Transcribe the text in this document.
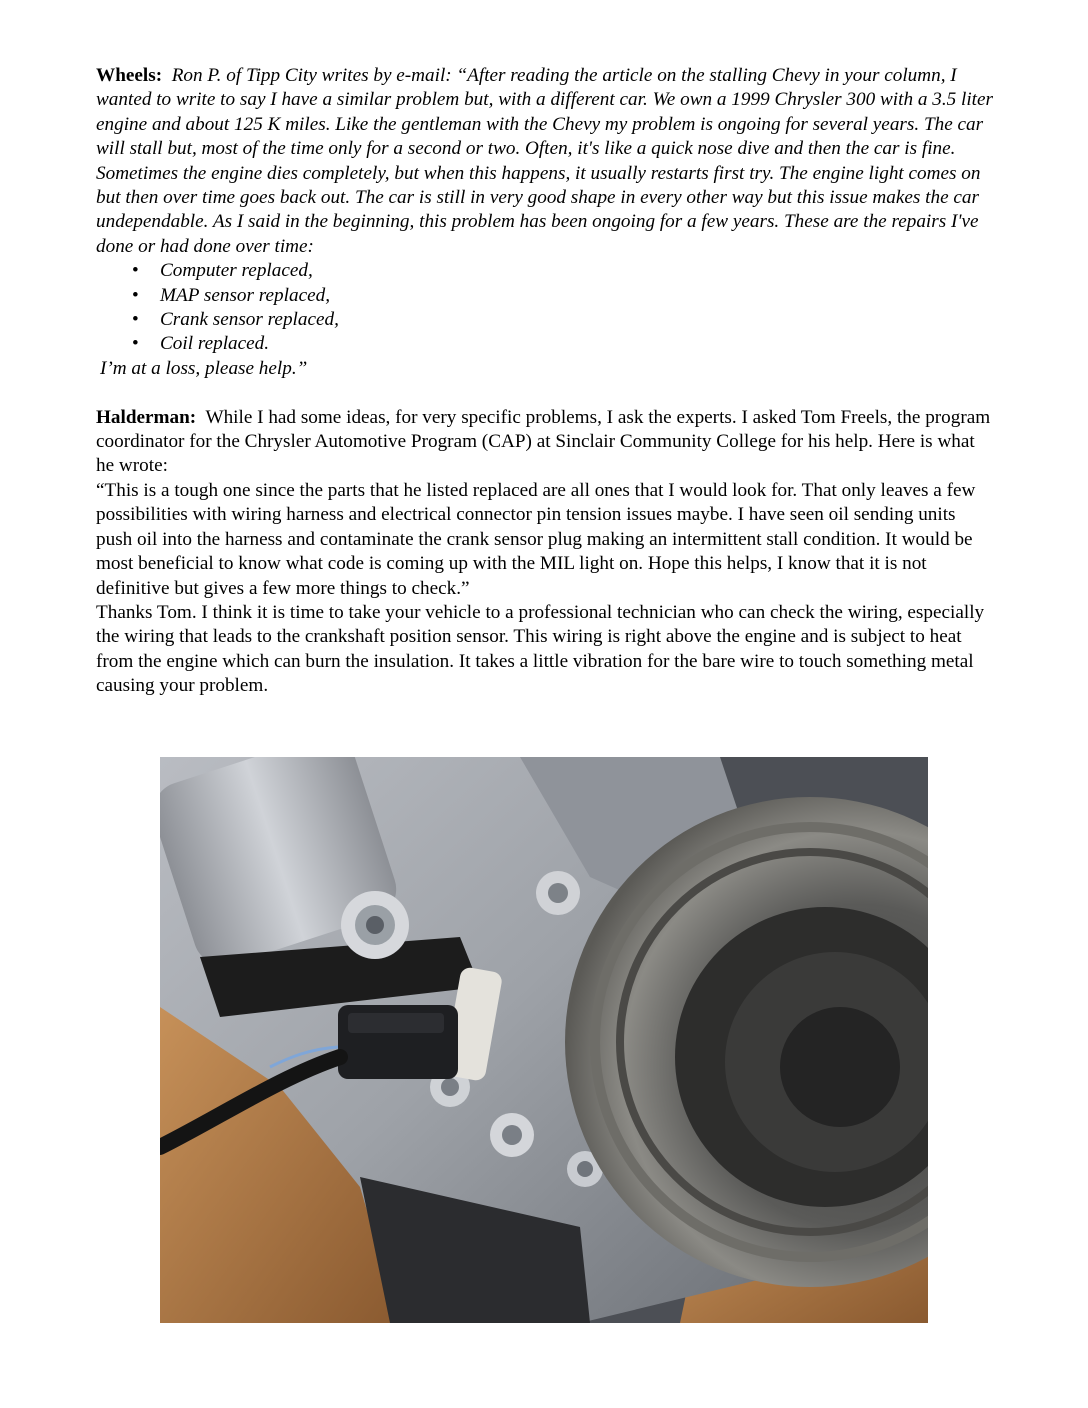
Wheels: Ron P. of Tipp City writes by e-mail: “After reading the article on the stalling Chevy in your column, I wanted to write to say I have a similar problem but, with a different car. We own a 1999 Chrysler 300 with a 3.5 liter engine and about 125 K miles. Like the gentleman with the Chevy my problem is ongoing for several years. The car will stall but, most of the time only for a second or two. Often, it's like a quick nose dive and then the car is fine. Sometimes the engine dies completely, but when this happens, it usually restarts first try. The engine light comes on but then over time goes back out. The car is still in very good shape in every other way but this issue makes the car undependable. As I said in the beginning, this problem has been ongoing for a few years. These are the repairs I've done or had done over time:

• Computer replaced,
• MAP sensor replaced,
• Crank sensor replaced,
• Coil replaced.

I’m at a loss, please help.”

Halderman: While I had some ideas, for very specific problems, I ask the experts. I asked Tom Freels, the program coordinator for the Chrysler Automotive Program (CAP) at Sinclair Community College for his help. Here is what he wrote:

“This is a tough one since the parts that he listed replaced are all ones that I would look for. That only leaves a few possibilities with wiring harness and electrical connector pin tension issues maybe. I have seen oil sending units push oil into the harness and contaminate the crank sensor plug making an intermittent stall condition. It would be most beneficial to know what code is coming up with the MIL light on. Hope this helps, I know that it is not definitive but gives a few more things to check.”

Thanks Tom. I think it is time to take your vehicle to a professional technician who can check the wiring, especially the wiring that leads to the crankshaft position sensor. This wiring is right above the engine and is subject to heat from the engine which can burn the insulation. It takes a little vibration for the bare wire to touch something metal causing your problem.
